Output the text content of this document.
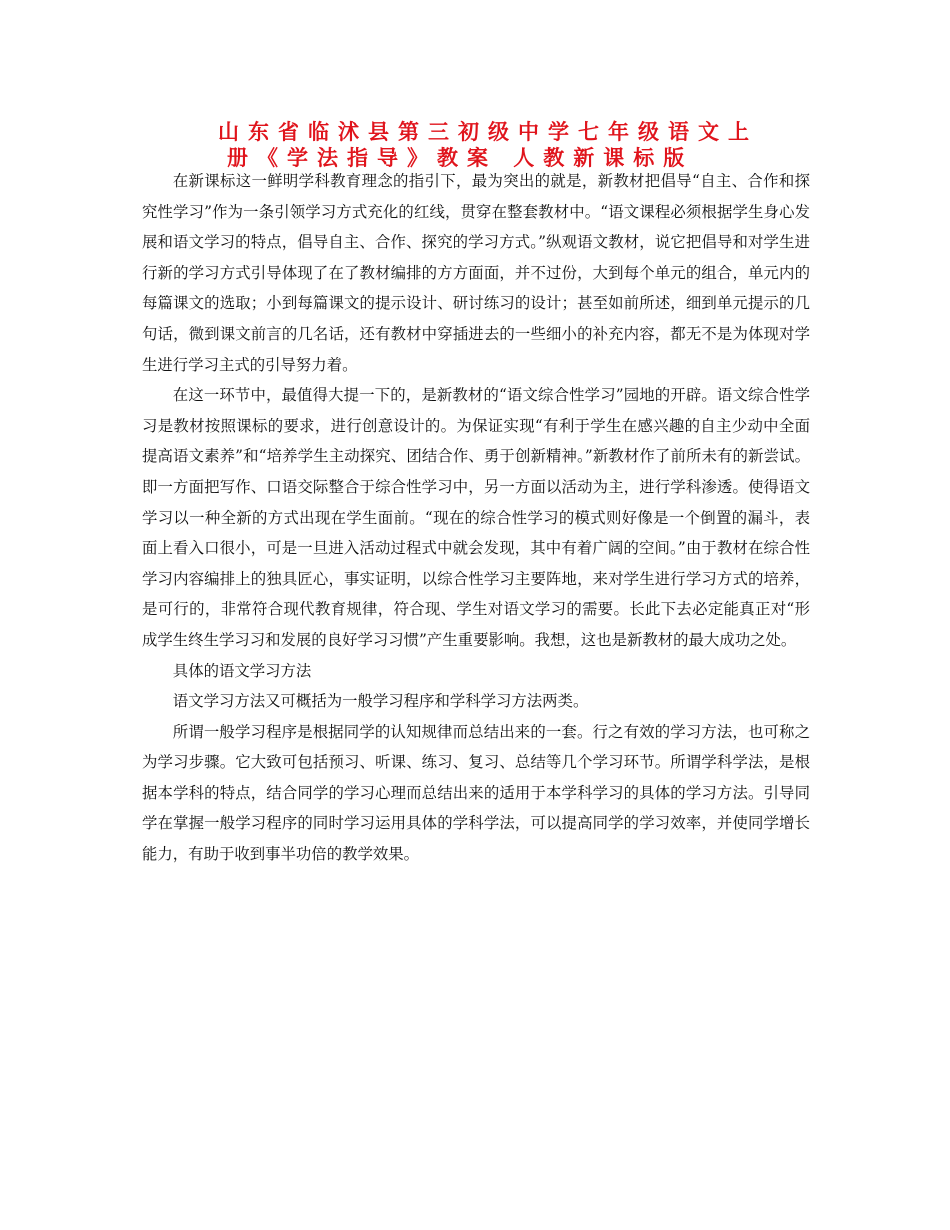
山东省临沭县第三初级中学七年级语文上
册《学法指导》教案 人教新课标版

在新课标这一鲜明学科教育理念的指引下，最为突出的就是，新教材把倡导“自主、合作和探究性学习”作为一条引领学习方式充化的红线，贯穿在整套教材中。“语文课程必须根据学生身心发展和语文学习的特点，倡导自主、合作、探究的学习方式。”纵观语文教材，说它把倡导和对学生进行新的学习方式引导体现了在了教材编排的方方面面，并不过份，大到每个单元的组合，单元内的每篇课文的选取；小到每篇课文的提示设计、研讨练习的设计；甚至如前所述，细到单元提示的几句话，微到课文前言的几名话，还有教材中穿插进去的一些细小的补充内容，都无不是为体现对学生进行学习主式的引导努力着。

在这一环节中，最值得大提一下的，是新教材的“语文综合性学习”园地的开辟。语文综合性学习是教材按照课标的要求，进行创意设计的。为保证实现“有利于学生在感兴趣的自主少动中全面提高语文素养”和“培养学生主动探究、团结合作、勇于创新精神。”新教材作了前所未有的新尝试。即一方面把写作、口语交际整合于综合性学习中，另一方面以活动为主，进行学科渗透。使得语文学习以一种全新的方式出现在学生面前。“现在的综合性学习的模式则好像是一个倒置的漏斗，表面上看入口很小，可是一旦进入活动过程式中就会发现，其中有着广阔的空间。”由于教材在综合性学习内容编排上的独具匠心，事实证明，以综合性学习主要阵地，来对学生进行学习方式的培养，是可行的，非常符合现代教育规律，符合现、学生对语文学习的需要。长此下去必定能真正对“形成学生终生学习习和发展的良好学习习惯”产生重要影响。我想，这也是新教材的最大成功之处。

具体的语文学习方法

语文学习方法又可概括为一般学习程序和学科学习方法两类。

所谓一般学习程序是根据同学的认知规律而总结出来的一套。行之有效的学习方法，也可称之为学习步骤。它大致可包括预习、听课、练习、复习、总结等几个学习环节。所谓学科学法，是根据本学科的特点，结合同学的学习心理而总结出来的适用于本学科学习的具体的学习方法。引导同学在掌握一般学习程序的同时学习运用具体的学科学法，可以提高同学的学习效率，并使同学增长能力，有助于收到事半功倍的教学效果。
